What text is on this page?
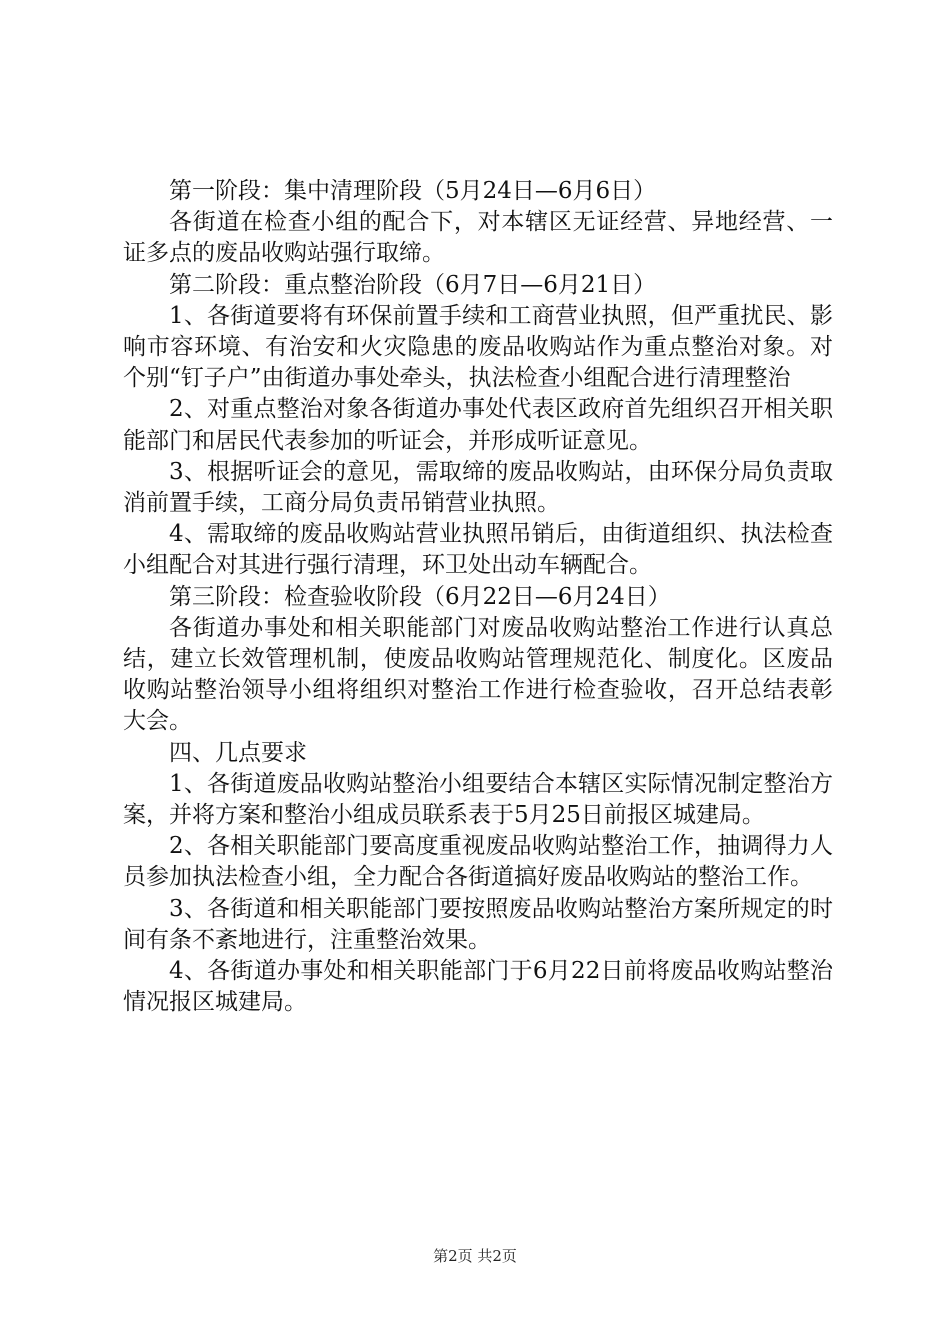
第一阶段：集中清理阶段（5月24日—6月6日）

各街道在检查小组的配合下，对本辖区无证经营、异地经营、一证多点的废品收购站强行取缔。

第二阶段：重点整治阶段（6月7日—6月21日）

1、各街道要将有环保前置手续和工商营业执照，但严重扰民、影响市容环境、有治安和火灾隐患的废品收购站作为重点整治对象。对个别“钉子户”由街道办事处牵头，执法检查小组配合进行清理整治

2、对重点整治对象各街道办事处代表区政府首先组织召开相关职能部门和居民代表参加的听证会，并形成听证意见。

3、根据听证会的意见，需取缔的废品收购站，由环保分局负责取消前置手续，工商分局负责吊销营业执照。

4、需取缔的废品收购站营业执照吊销后，由街道组织、执法检查小组配合对其进行强行清理，环卫处出动车辆配合。

第三阶段：检查验收阶段（6月22日—6月24日）

各街道办事处和相关职能部门对废品收购站整治工作进行认真总结，建立长效管理机制，使废品收购站管理规范化、制度化。区废品收购站整治领导小组将组织对整治工作进行检查验收，召开总结表彰大会。

四、几点要求

1、各街道废品收购站整治小组要结合本辖区实际情况制定整治方案，并将方案和整治小组成员联系表于5月25日前报区城建局。

2、各相关职能部门要高度重视废品收购站整治工作，抽调得力人员参加执法检查小组，全力配合各街道搞好废品收购站的整治工作。

3、各街道和相关职能部门要按照废品收购站整治方案所规定的时间有条不紊地进行，注重整治效果。

4、各街道办事处和相关职能部门于6月22日前将废品收购站整治情况报区城建局。

第2页 共2页
